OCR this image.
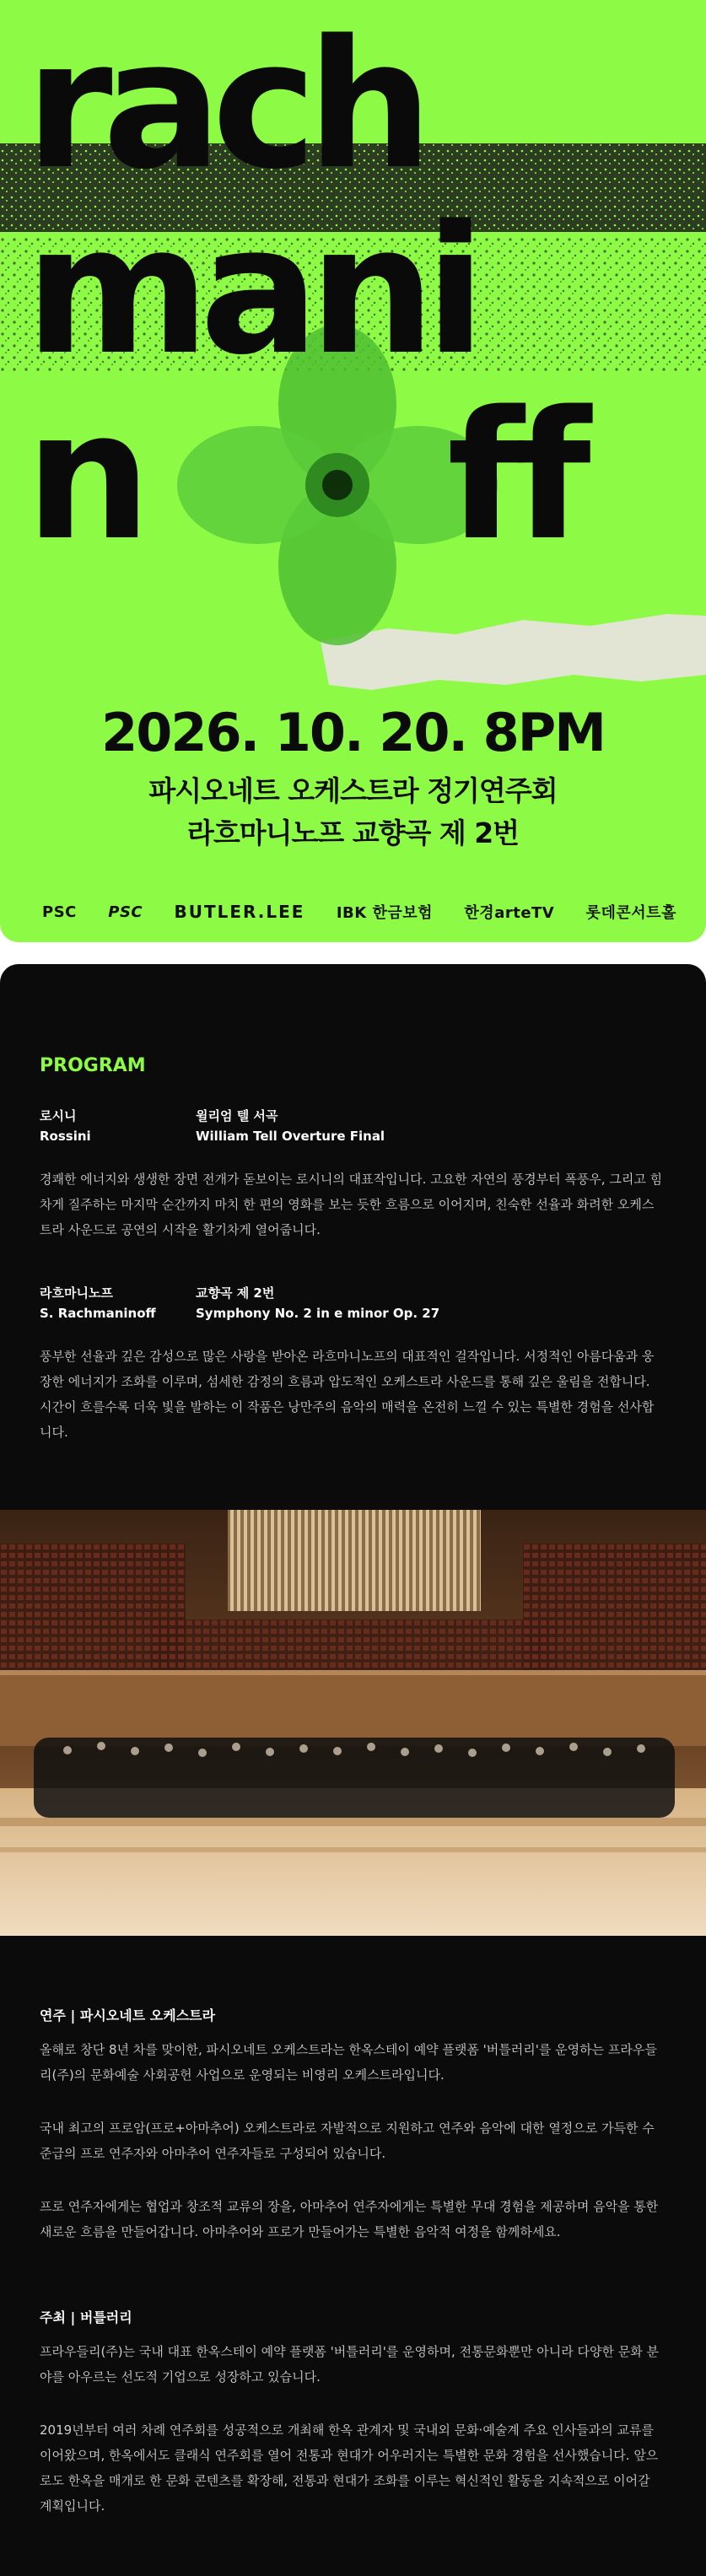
rach
mani
n ff
2026. 10. 20. 8PM
파시오네트 오케스트라 정기연주회
라흐마니노프 교향곡 제 2번
PSC PSC BUTLER.LEE IBK 한금보험 한경arteTV 롯데콘서트홀
PROGRAM
로시니
Rossini
윌리엄 텔 서곡
William Tell Overture Final
경쾌한 에너지와 생생한 장면 전개가 돋보이는 로시니의 대표작입니다. 고요한 자연의 풍경부터 폭풍우, 그리고 힘차게 질주하는 마지막 순간까지 마치 한 편의 영화를 보는 듯한 흐름으로 이어지며, 친숙한 선율과 화려한 오케스트라 사운드로 공연의 시작을 활기차게 열어줍니다.
라흐마니노프
S. Rachmaninoff
교향곡 제 2번
Symphony No. 2 in e minor Op. 27
풍부한 선율과 깊은 감성으로 많은 사랑을 받아온 라흐마니노프의 대표적인 걸작입니다. 서정적인 아름다움과 웅장한 에너지가 조화를 이루며, 섬세한 감정의 흐름과 압도적인 오케스트라 사운드를 통해 깊은 울림을 전합니다. 시간이 흐를수록 더욱 빛을 발하는 이 작품은 낭만주의 음악의 매력을 온전히 느낄 수 있는 특별한 경험을 선사합니다.
연주 | 파시오네트 오케스트라
올해로 창단 8년 차를 맞이한, 파시오네트 오케스트라는 한옥스테이 예약 플랫폼 '버틀러리'를 운영하는 프라우들리(주)의 문화예술 사회공헌 사업으로 운영되는 비영리 오케스트라입니다.
국내 최고의 프로암(프로+아마추어) 오케스트라로 자발적으로 지원하고 연주와 음악에 대한 열정으로 가득한 수준급의 프로 연주자와 아마추어 연주자들로 구성되어 있습니다.
프로 연주자에게는 협업과 창조적 교류의 장을, 아마추어 연주자에게는 특별한 무대 경험을 제공하며 음악을 통한 새로운 흐름을 만들어갑니다. 아마추어와 프로가 만들어가는 특별한 음악적 여정을 함께하세요.
주최 | 버틀러리
프라우들리(주)는 국내 대표 한옥스테이 예약 플랫폼 '버틀러리'를 운영하며, 전통문화뿐만 아니라 다양한 문화 분야를 아우르는 선도적 기업으로 성장하고 있습니다.
2019년부터 여러 차례 연주회를 성공적으로 개최해 한옥 관계자 및 국내외 문화·예술계 주요 인사들과의 교류를 이어왔으며, 한옥에서도 클래식 연주회를 열어 전통과 현대가 어우러지는 특별한 문화 경험을 선사했습니다. 앞으로도 한옥을 매개로 한 문화 콘텐츠를 확장해, 전통과 현대가 조화를 이루는 혁신적인 활동을 지속적으로 이어갈 계획입니다.
